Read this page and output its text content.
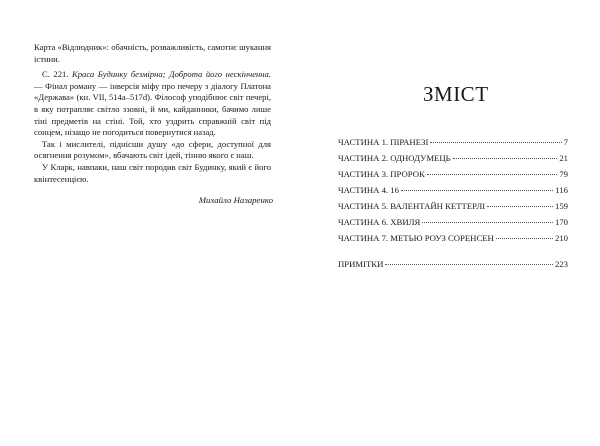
Карта «Відлюдник»: обачність, розважливість, самотнє шукання істини.

С. 221. Краса Будинку безмірна; Доброта його нескінченна. — Фінал роману — інверсія міфу про печеру з діалогу Платона «Держава» (кн. VII, 514a–517d). Філософ уподібнює світ печері, в яку потрапляє світло ззовні, й ми, кайданники, бачимо лише тіні предметів на стіні. Той, хто уздрить справжній світ під сонцем, нізащо не погодиться повернутися назад.

Так і мислителі, піднісши душу «до сфери, доступної для осягнення розумом», вбачають світ ідей, тінню якого є наш.

У Кларк, навпаки, наш світ породив світ Будинку, який є його квінтесенцією.

Михайло Назаренко
ЗМІСТ
ЧАСТИНА 1. ПІРАНЕЗІ	7
ЧАСТИНА 2. ОДНОДУМЕЦЬ	21
ЧАСТИНА 3. ПРОРОК	79
ЧАСТИНА 4. 16	116
ЧАСТИНА 5. ВАЛЕНТАЙН КЕТТЕРЛІ	159
ЧАСТИНА 6. ХВИЛЯ	170
ЧАСТИНА 7. МЕТЬЮ РОУЗ СОРЕНСЕН	210
ПРИМІТКИ	223
